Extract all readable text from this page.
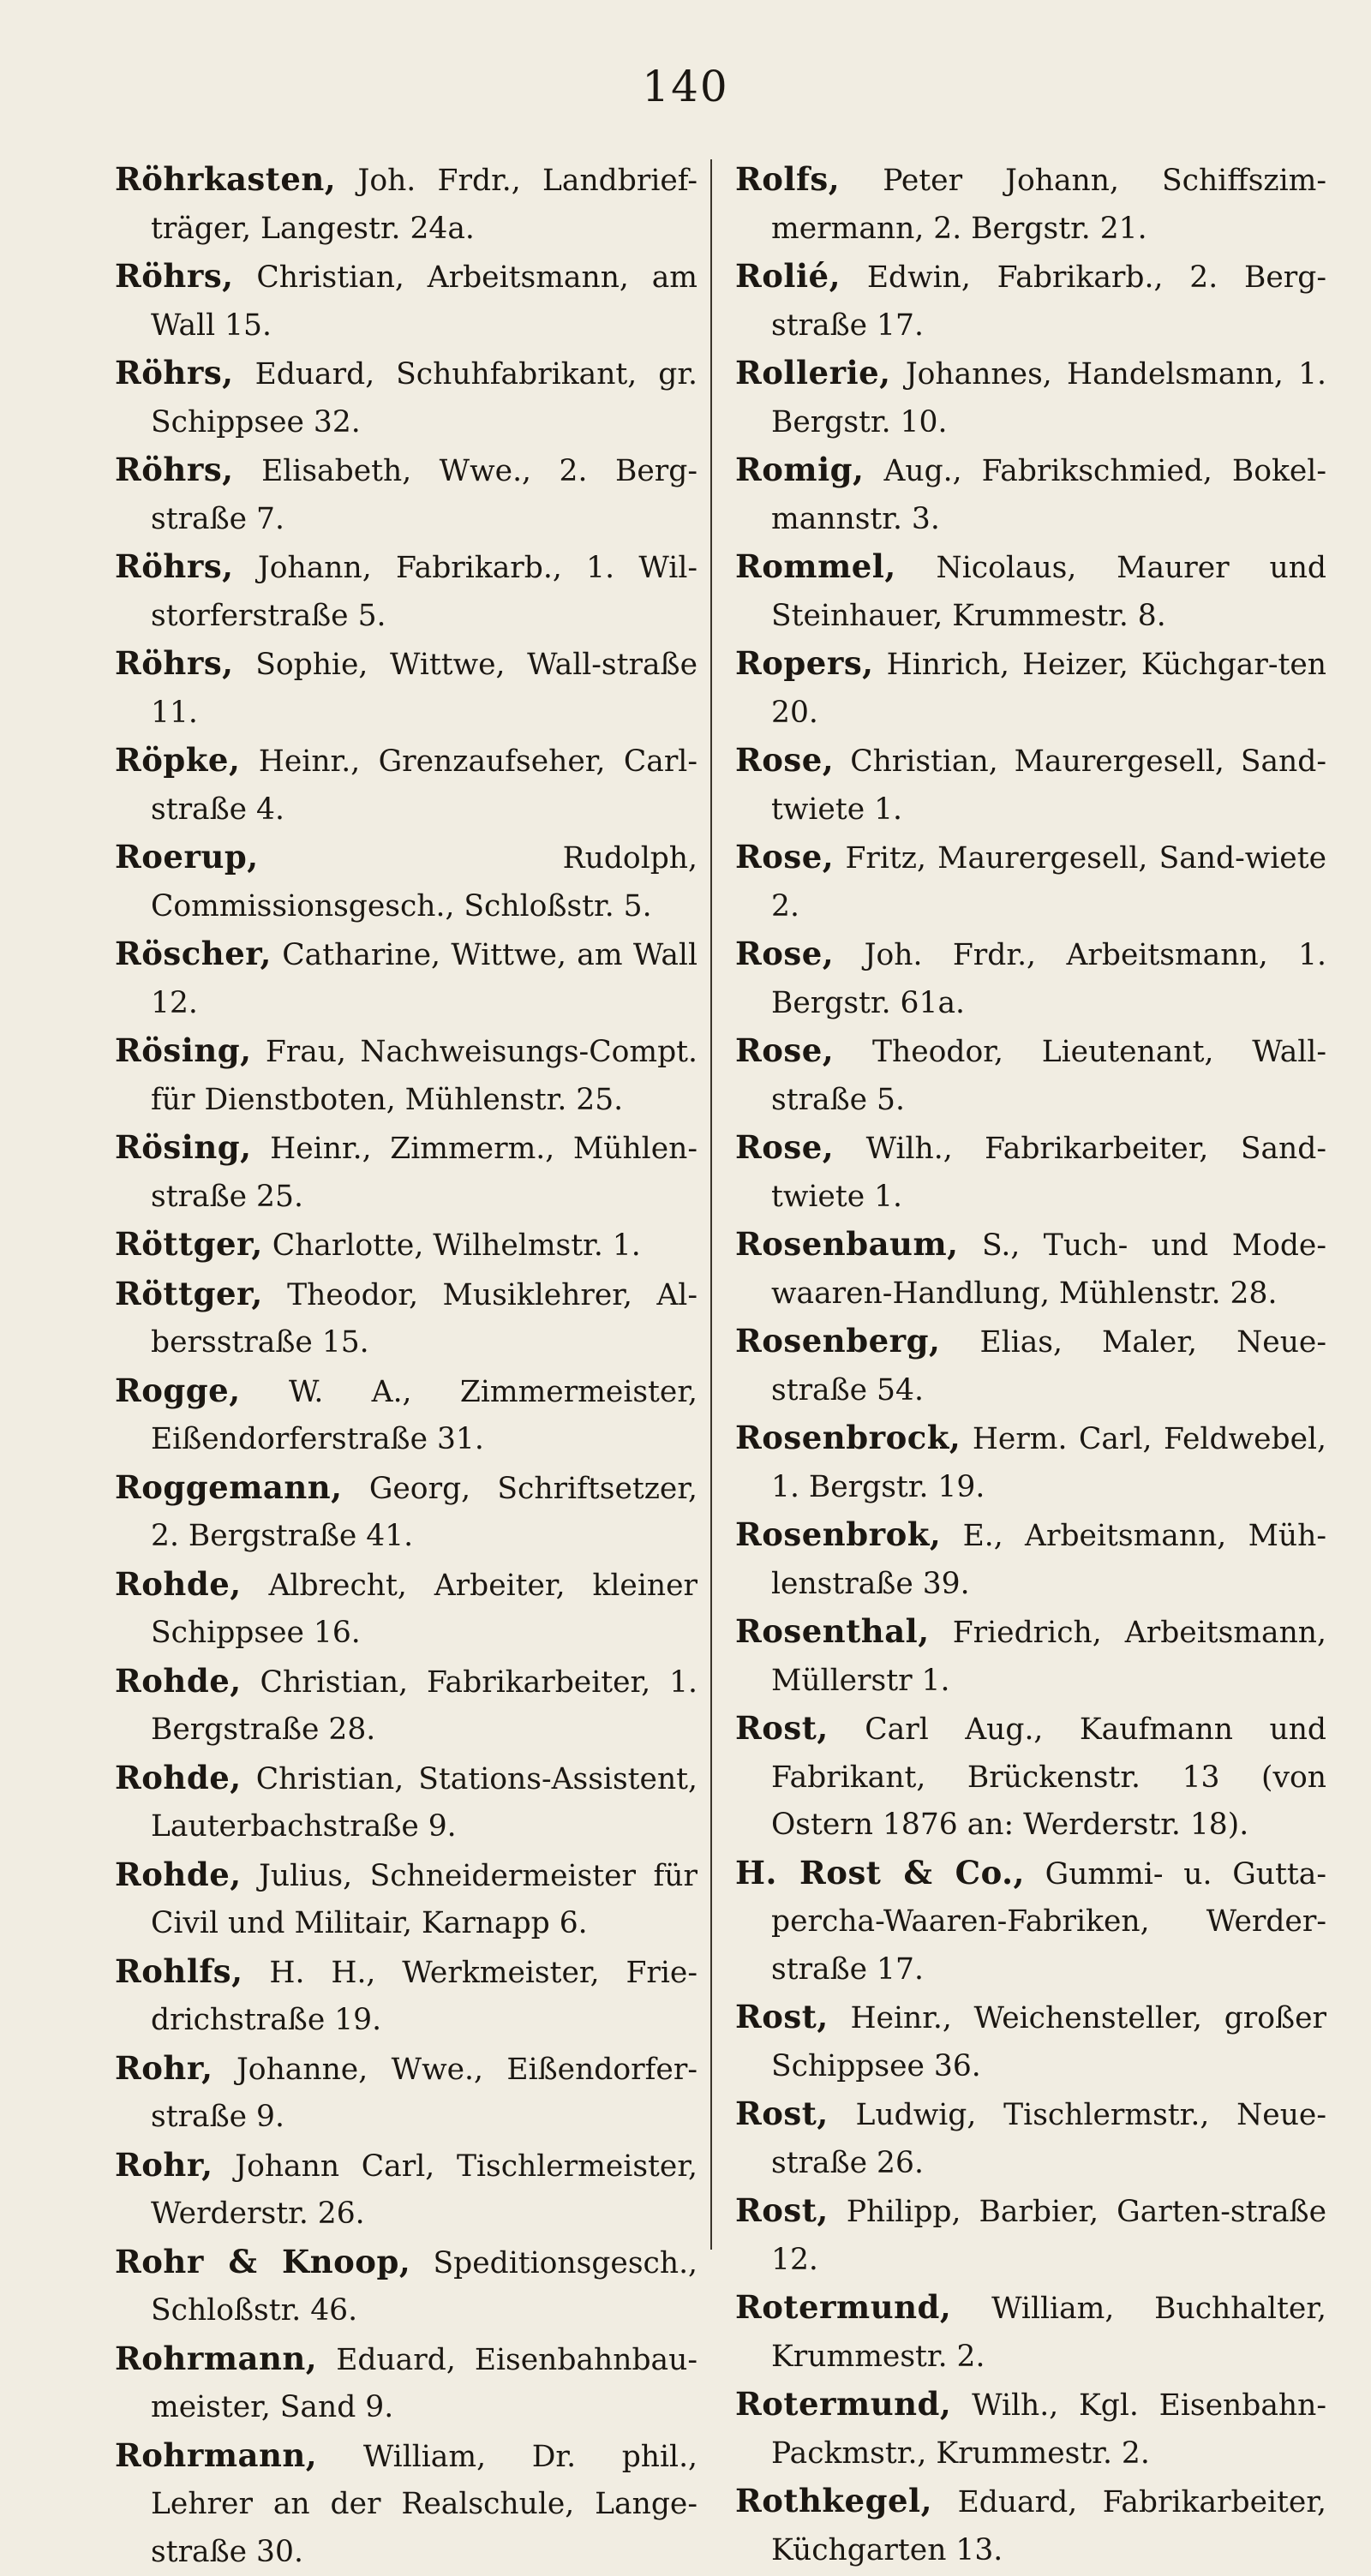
140
Röhrkasten, Joh. Frdr., Landbrief-träger, Langestr. 24a.
Röhrs, Christian, Arbeitsmann, am Wall 15.
Röhrs, Eduard, Schuhfabrikant, gr. Schippsee 32.
Röhrs, Elisabeth, Wwe., 2. Berg-straße 7.
Röhrs, Johann, Fabrikarb., 1. Wil-storferstraße 5.
Röhrs, Sophie, Wittwe, Wall-straße 11.
Röpke, Heinr., Grenzaufseher, Carl-straße 4.
Roerup,	Rudolph, Commissionsgesch., Schloßstr. 5.
Röscher, Catharine, Wittwe, am Wall 12.
Rösing, Frau, Nachweisungs-Compt. für Dienstboten, Mühlenstr. 25.
Rösing, Heinr., Zimmerm., Mühlen-straße 25.
Röttger, Charlotte, Wilhelmstr. 1.
Röttger, Theodor, Musiklehrer, Al-bersstraße 15.
Rogge, W. A., Zimmermeister, Eißendorferstraße 31.
Roggemann, Georg, Schriftsetzer, 2. Bergstraße 41.
Rohde, Albrecht, Arbeiter, kleiner Schippsee 16.
Rohde, Christian, Fabrikarbeiter, 1. Bergstraße 28.
Rohde, Christian, Stations-Assistent, Lauterbachstraße 9.
Rohde, Julius, Schneidermeister für Civil und Militair, Karnapp 6.
Rohlfs, H. H., Werkmeister, Frie-drichstraße 19.
Rohr, Johanne, Wwe., Eißendorfer-straße 9.
Rohr, Johann Carl, Tischlermeister, Werderstr. 26.
Rohr & Knoop, Speditionsgesch., Schloßstr. 46.
Rohrmann, Eduard, Eisenbahnbau-meister, Sand 9.
Rohrmann, William, Dr. phil., Lehrer an der Realschule, Lange-straße 30.
Rolfs, Peter Johann, Schiffszim-mermann, 2. Bergstr. 21.
Rolié, Edwin, Fabrikarb., 2. Berg-straße 17.
Rollerie, Johannes, Handelsmann, 1. Bergstr. 10.
Romig, Aug., Fabrikschmied, Bokel-mannstr. 3.
Rommel, Nicolaus, Maurer und Steinhauer, Krummestr. 8.
Ropers, Hinrich, Heizer, Küchgar-ten 20.
Rose, Christian, Maurergesell, Sand-twiete 1.
Rose, Fritz, Maurergesell, Sand-wiete 2.
Rose, Joh. Frdr., Arbeitsmann, 1. Bergstr. 61a.
Rose, Theodor, Lieutenant, Wall-straße 5.
Rose, Wilh., Fabrikarbeiter, Sand-twiete 1.
Rosenbaum, S., Tuch- und Mode-waaren-Handlung, Mühlenstr. 28.
Rosenberg, Elias, Maler, Neue-straße 54.
Rosenbrock, Herm. Carl, Feldwebel, 1. Bergstr. 19.
Rosenbrok, E., Arbeitsmann, Müh-lenstraße 39.
Rosenthal, Friedrich, Arbeitsmann, Müllerstr 1.
Rost, Carl Aug., Kaufmann und Fabrikant, Brückenstr. 13 (von Ostern 1876 an: Werderstr. 18).
H. Rost & Co., Gummi- u. Gutta-percha-Waaren-Fabriken, Werder-straße 17.
Rost, Heinr., Weichensteller, großer Schippsee 36.
Rost, Ludwig, Tischlermstr., Neue-straße 26.
Rost, Philipp, Barbier, Garten-straße 12.
Rotermund, William, Buchhalter, Krummestr. 2.
Rotermund, Wilh., Kgl. Eisenbahn-Packmstr., Krummestr. 2.
Rothkegel, Eduard, Fabrikarbeiter, Küchgarten 13.
